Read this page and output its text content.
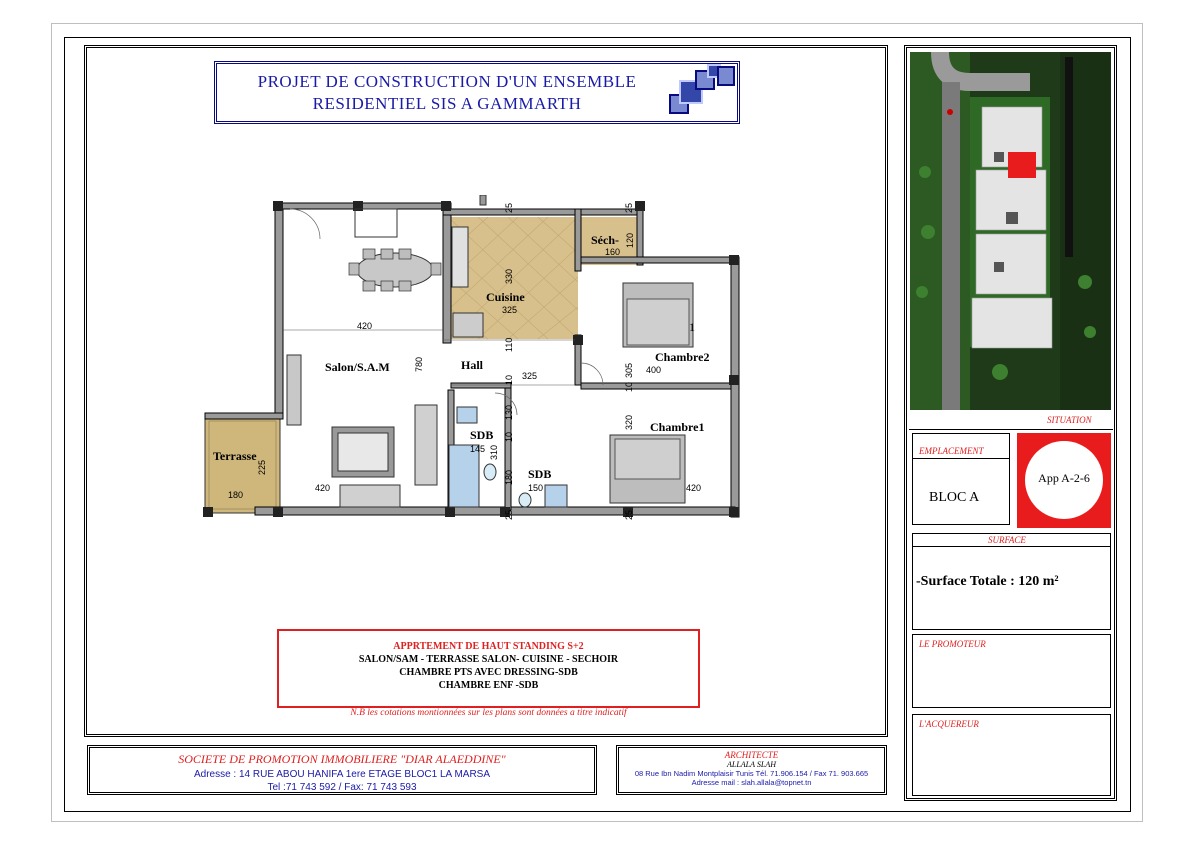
PROJET DE CONSTRUCTION D'UN ENSEMBLE
RESIDENTIEL SIS A GAMMARTH
Salon/S.A.M
Cuisine
Séch-
Hall
Chambre2
Chambre1
SDB
SDB
Terrasse
1
420
420
780
325
330
160
120
325
110
10
400
305
10
420
320
145 310
10
150
180
130
180
225
25	25
25	25
APPRTEMENT DE HAUT STANDING S+2
SALON/SAM - TERRASSE SALON- CUISINE - SECHOIR
CHAMBRE PTS AVEC DRESSING-SDB
CHAMBRE ENF -SDB
N.B les cotations montionnées sur les plans sont données a titre indicatif
SOCIETE DE PROMOTION IMMOBILIERE "DIAR ALAEDDINE"
Adresse : 14 RUE ABOU HANIFA 1ere ETAGE BLOC1 LA MARSA
Tel :71 743 592 / Fax: 71 743 593
ARCHITECTE
ALLALA SLAH
08 Rue Ibn Nadim Montplaisir Tunis Tél. 71.906.154 / Fax 71. 903.665
Adresse mail : slah.allala@topnet.tn
SITUATION
EMPLACEMENT
BLOC A
App A-2-6
SURFACE
-Surface Totale : 120 m²
LE PROMOTEUR
L'ACQUEREUR
